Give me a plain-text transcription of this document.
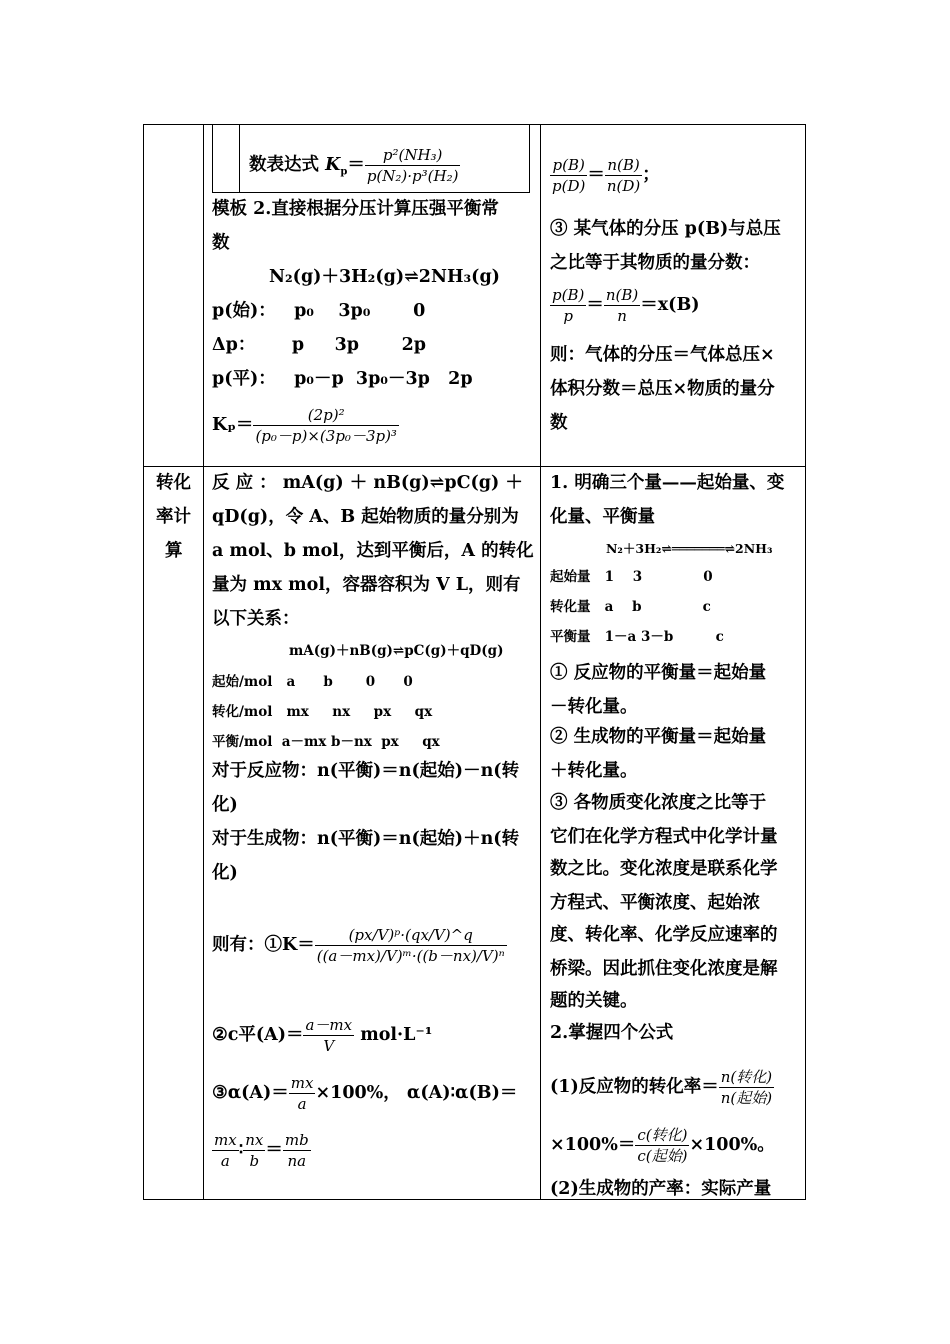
数表达式 $K_p= \frac{\text{p²(NH₃)}}{\text{p(N₂)·p³(H₂)}}$
模板 2.直接根据分压计算压强平衡常
数
N₂(g)＋3H₂(g)⇌2NH₃(g)
p(始)：   p₀    3p₀       0
Δp：      p     3p       2p
p(平)：   p₀－p  3p₀－3p   2p
$K_p= \frac{\text{(2p)²}}{\text{(p₀－p)×(3p₀－3p)³}}$
$\frac{p(B)}{p(D)} = \frac{n(B)}{n(D)}$ ；
③ 某气体的分压 p(B)与总压
之比等于其物质的量分数：
$\frac{p(B)}{p} = \frac{n(B)}{n} =x(B)$
则：气体的分压＝气体总压×
体积分数＝总压×物质的量分
数
转化
率计
算
反 应 ： mA(g) ＋ nB(g)⇌pC(g) ＋
qD(g)，令 A、B 起始物质的量分别为
a mol、b mol，达到平衡后，A 的转化
量为 mx mol，容器容积为 V L，则有
以下关系：
mA(g)＋nB(g)⇌pC(g)＋qD(g)
起始/mol   a      b       0      0
转化/mol   mx     nx     px     qx
平衡/mol  a－mx b－nx  px     qx
对于反应物：n(平衡)＝n(起始)－n(转
化)
对于生成物：n(平衡)＝n(起始)＋n(转
化)
则有：①K＝ $\frac{\text{(px/V)ᵖ·(qx/V)\textasciicircum{}q}}{\text{((a－mx)/V)ᵐ·((b－nx)/V)ⁿ}}$
②c平$(A)= \frac{a-mx}{V} mol\cdot L^{-1}$
③α(A)＝ $\frac{mx}{a} \times 100\%$， α(A)∶α(B)＝
$\frac{mx}{a}$ ∶ $\frac{nx}{b} = \frac{mb}{na}$
1. 明确三个量——起始量、变
化量、平衡量
N₂＋3H₂⇌═══════⇌2NH₃
起始量   1    3             0
转化量   a    b             c
平衡量   1－a 3－b         c
① 反应物的平衡量＝起始量
－转化量。
② 生成物的平衡量＝起始量
＋转化量。
③ 各物质变化浓度之比等于
它们在化学方程式中化学计量
数之比。变化浓度是联系化学
方程式、平衡浓度、起始浓
度、转化率、化学反应速率的
桥梁。因此抓住变化浓度是解
题的关键。
2.掌握四个公式
(1)反应物的转化率＝ $\frac{\text{n(转化)}}{\text{n(起始)}}$
$\times 100\%= \frac{\text{c(转化)}}{\text{c(起始)}} \times 100\%$。
(2)生成物的产率：实际产量
